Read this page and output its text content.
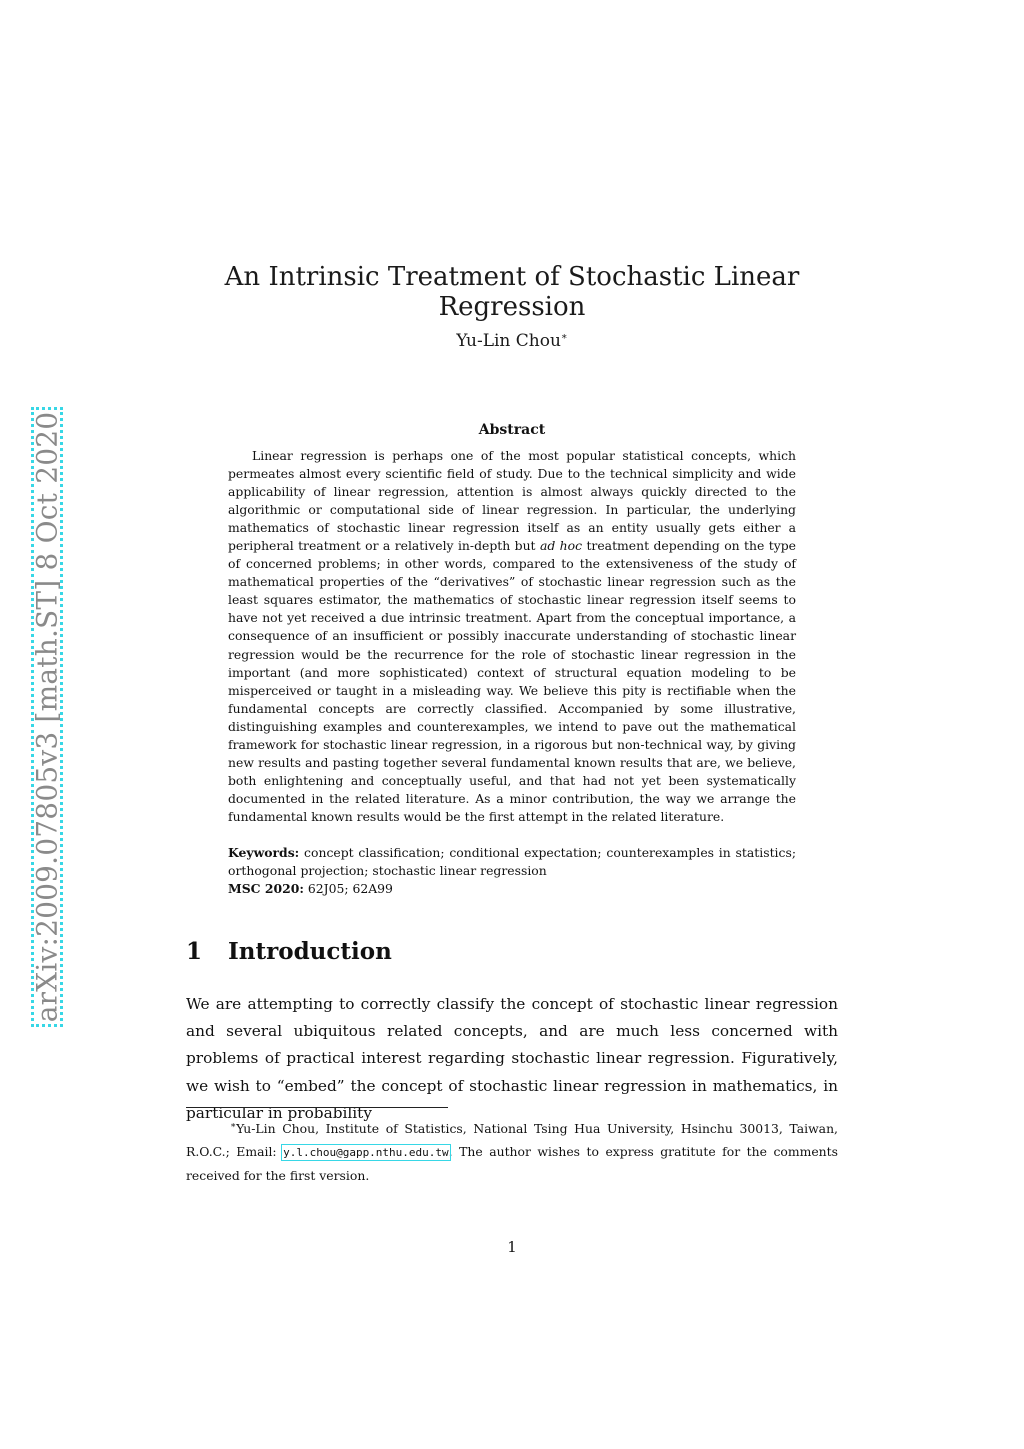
arXiv:2009.07805v3 [math.ST] 8 Oct 2020
An Intrinsic Treatment of Stochastic Linear Regression
Yu-Lin Chou∗
Abstract
Linear regression is perhaps one of the most popular statistical concepts, which permeates almost every scientific field of study. Due to the technical simplicity and wide applicability of linear regression, attention is almost always quickly directed to the algorithmic or computational side of linear regression. In particular, the underlying mathematics of stochastic linear regression itself as an entity usually gets either a peripheral treatment or a relatively in-depth but ad hoc treatment depending on the type of concerned problems; in other words, compared to the extensiveness of the study of mathematical properties of the “derivatives” of stochastic linear regression such as the least squares estimator, the mathematics of stochastic linear regression itself seems to have not yet received a due intrinsic treatment. Apart from the conceptual importance, a consequence of an insufficient or possibly inaccurate understanding of stochastic linear regression would be the recurrence for the role of stochastic linear regression in the important (and more sophisticated) context of structural equation modeling to be misperceived or taught in a misleading way. We believe this pity is rectifiable when the fundamental concepts are correctly classified. Accompanied by some illustrative, distinguishing examples and counterexamples, we intend to pave out the mathematical framework for stochastic linear regression, in a rigorous but non-technical way, by giving new results and pasting together several fundamental known results that are, we believe, both enlightening and conceptually useful, and that had not yet been systematically documented in the related literature. As a minor contribution, the way we arrange the fundamental known results would be the first attempt in the related literature.
Keywords: concept classification; conditional expectation; counterexamples in statistics; orthogonal projection; stochastic linear regression
MSC 2020: 62J05; 62A99
1 Introduction
We are attempting to correctly classify the concept of stochastic linear regression and several ubiquitous related concepts, and are much less concerned with problems of practical interest regarding stochastic linear regression. Figuratively, we wish to “embed” the concept of stochastic linear regression in mathematics, in particular in probability
∗Yu-Lin Chou, Institute of Statistics, National Tsing Hua University, Hsinchu 30013, Taiwan, R.O.C.; Email: y.l.chou@gapp.nthu.edu.tw. The author wishes to express gratitute for the comments received for the first version.
1
